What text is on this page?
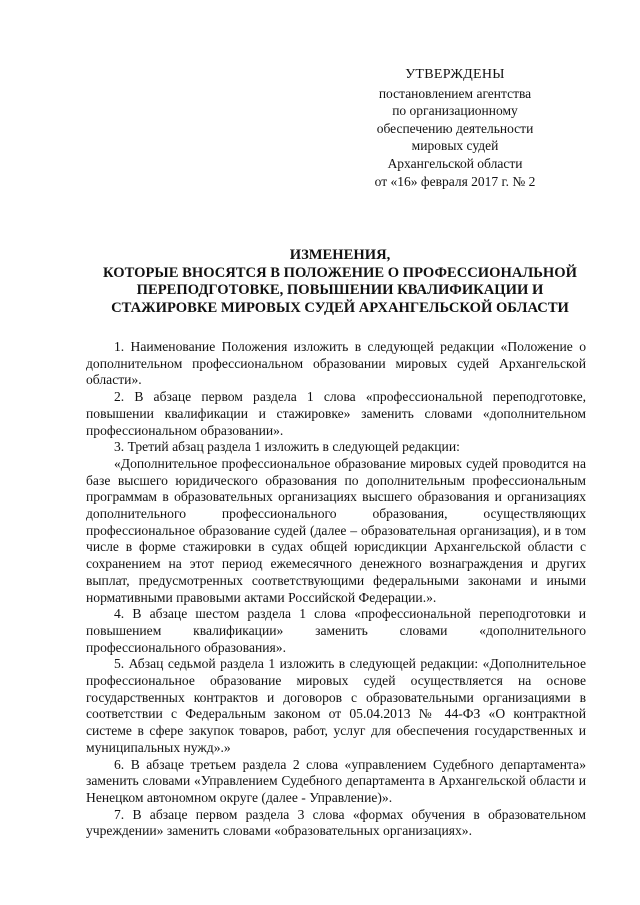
УТВЕРЖДЕНЫ
постановлением агентства
по организационному
обеспечению деятельности
мировых судей
Архангельской области
от «16» февраля 2017 г. № 2
ИЗМЕНЕНИЯ,
КОТОРЫЕ ВНОСЯТСЯ В ПОЛОЖЕНИЕ О ПРОФЕССИОНАЛЬНОЙ
ПЕРЕПОДГОТОВКЕ, ПОВЫШЕНИИ КВАЛИФИКАЦИИ И
СТАЖИРОВКЕ МИРОВЫХ СУДЕЙ АРХАНГЕЛЬСКОЙ ОБЛАСТИ

1. Наименование Положения изложить в следующей редакции «Положение о дополнительном профессиональном образовании мировых судей Архангельской области».

2. В абзаце первом раздела 1 слова «профессиональной переподготовке, повышении квалификации и стажировке» заменить словами «дополнительном профессиональном образовании».

3. Третий абзац раздела 1 изложить в следующей редакции:

«Дополнительное профессиональное образование мировых судей проводится на базе высшего юридического образования по дополнительным профессиональным программам в образовательных организациях высшего образования и организациях дополнительного профессионального образования, осуществляющих профессиональное образование судей (далее – образовательная организация), и в том числе в форме стажировки в судах общей юрисдикции Архангельской области с сохранением на этот период ежемесячного денежного вознаграждения и других выплат, предусмотренных соответствующими федеральными законами и иными нормативными правовыми актами Российской Федерации.».

4. В абзаце шестом раздела 1 слова «профессиональной переподготовки и повышением квалификации» заменить словами «дополнительного профессионального образования».

5. Абзац седьмой раздела 1 изложить в следующей редакции: «Дополнительное профессиональное образование мировых судей осуществляется на основе государственных контрактов и договоров с образовательными организациями в соответствии с Федеральным законом от 05.04.2013 № 44-ФЗ «О контрактной системе в сфере закупок товаров, работ, услуг для обеспечения государственных и муниципальных нужд».»

6. В абзаце третьем раздела 2 слова «управлением Судебного департамента» заменить словами «Управлением Судебного департамента в Архангельской области и Ненецком автономном округе (далее - Управление)».

7. В абзаце первом раздела 3 слова «формах обучения в образовательном учреждении» заменить словами «образовательных организациях».
